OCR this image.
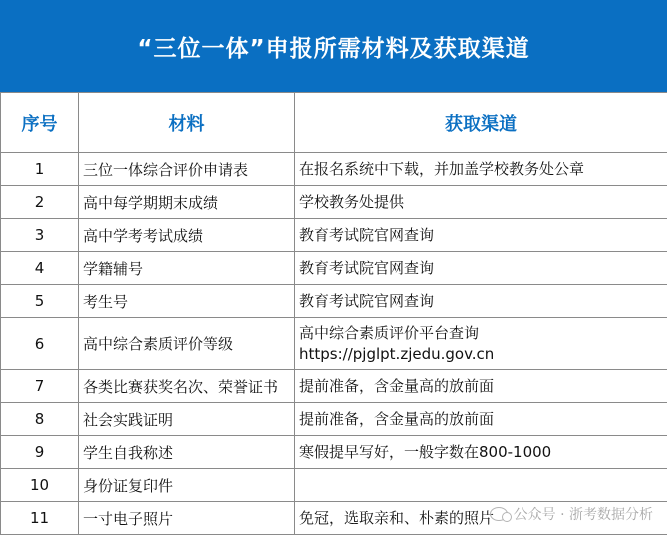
“三位一体”申报所需材料及获取渠道
序号	材料	获取渠道
1	三位一体综合评价申请表	在报名系统中下载，并加盖学校教务处公章

2	高中每学期期末成绩	学校教务处提供

3	高中学考考试成绩	教育考试院官网查询

4	学籍辅号	教育考试院官网查询

5	考生号	教育考试院官网查询

6	高中综合素质评价等级	高中综合素质评价平台查询
https://pjglpt.zjedu.gov.cn

7	各类比赛获奖名次、荣誉证书	提前准备，含金量高的放前面

8	社会实践证明	提前准备，含金量高的放前面

9	学生自我称述	寒假提早写好，一般字数在800-1000

10	身份证复印件	

11	一寸电子照片	免冠，选取亲和、朴素的照片	公众号 · 浙考数据分析
